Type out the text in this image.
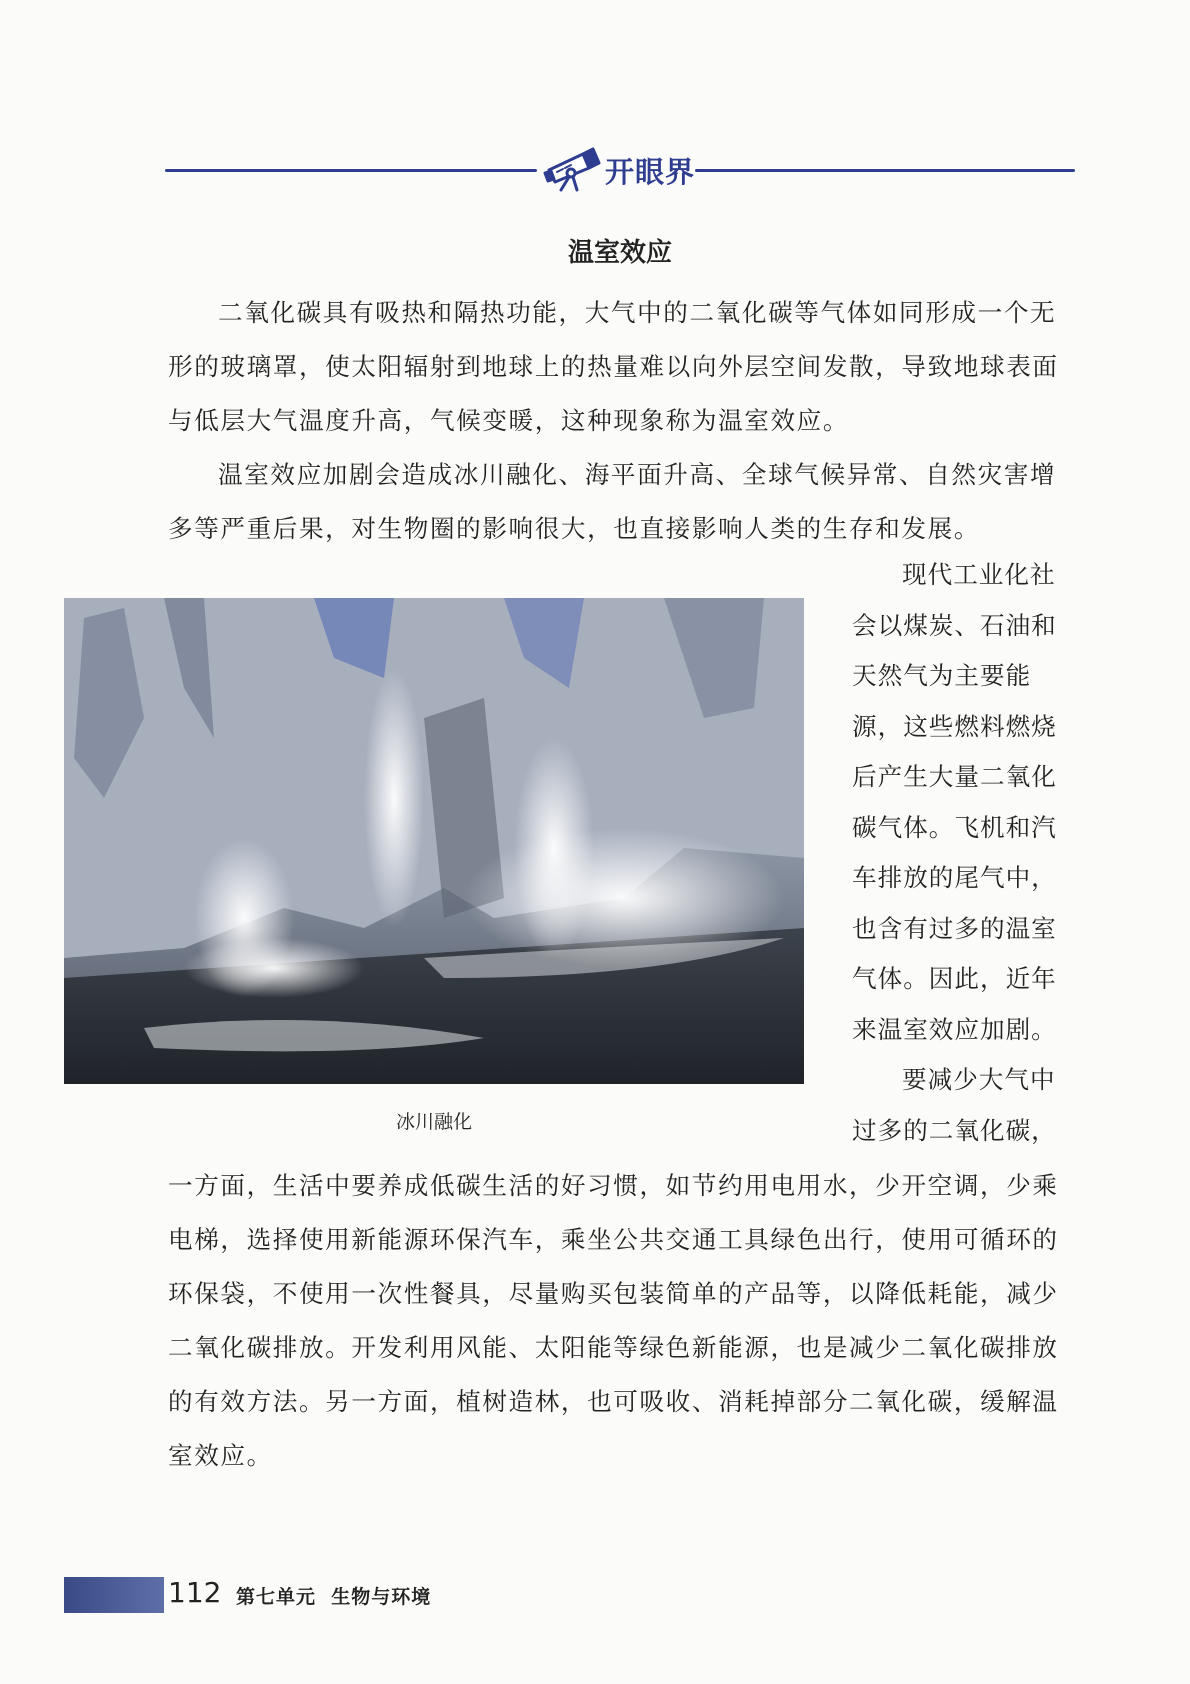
开眼界
温室效应

二氧化碳具有吸热和隔热功能，大气中的二氧化碳等气体如同形成一个无
形的玻璃罩，使太阳辐射到地球上的热量难以向外层空间发散，导致地球表面
与低层大气温度升高，气候变暖，这种现象称为温室效应。

温室效应加剧会造成冰川融化、海平面升高、全球气候异常、自然灾害增
多等严重后果，对生物圈的影响很大，也直接影响人类的生存和发展。

冰川融化

现代工业化社
会以煤炭、石油和
天然气为主要能
源，这些燃料燃烧
后产生大量二氧化
碳气体。飞机和汽
车排放的尾气中，
也含有过多的温室
气体。因此，近年
来温室效应加剧。
要减少大气中
过多的二氧化碳，

一方面，生活中要养成低碳生活的好习惯，如节约用电用水，少开空调，少乘
电梯，选择使用新能源环保汽车，乘坐公共交通工具绿色出行，使用可循环的
环保袋，不使用一次性餐具，尽量购买包装简单的产品等，以降低耗能，减少
二氧化碳排放。开发利用风能、太阳能等绿色新能源，也是减少二氧化碳排放
的有效方法。另一方面，植树造林，也可吸收、消耗掉部分二氧化碳，缓解温
室效应。

112 第七单元  生物与环境
